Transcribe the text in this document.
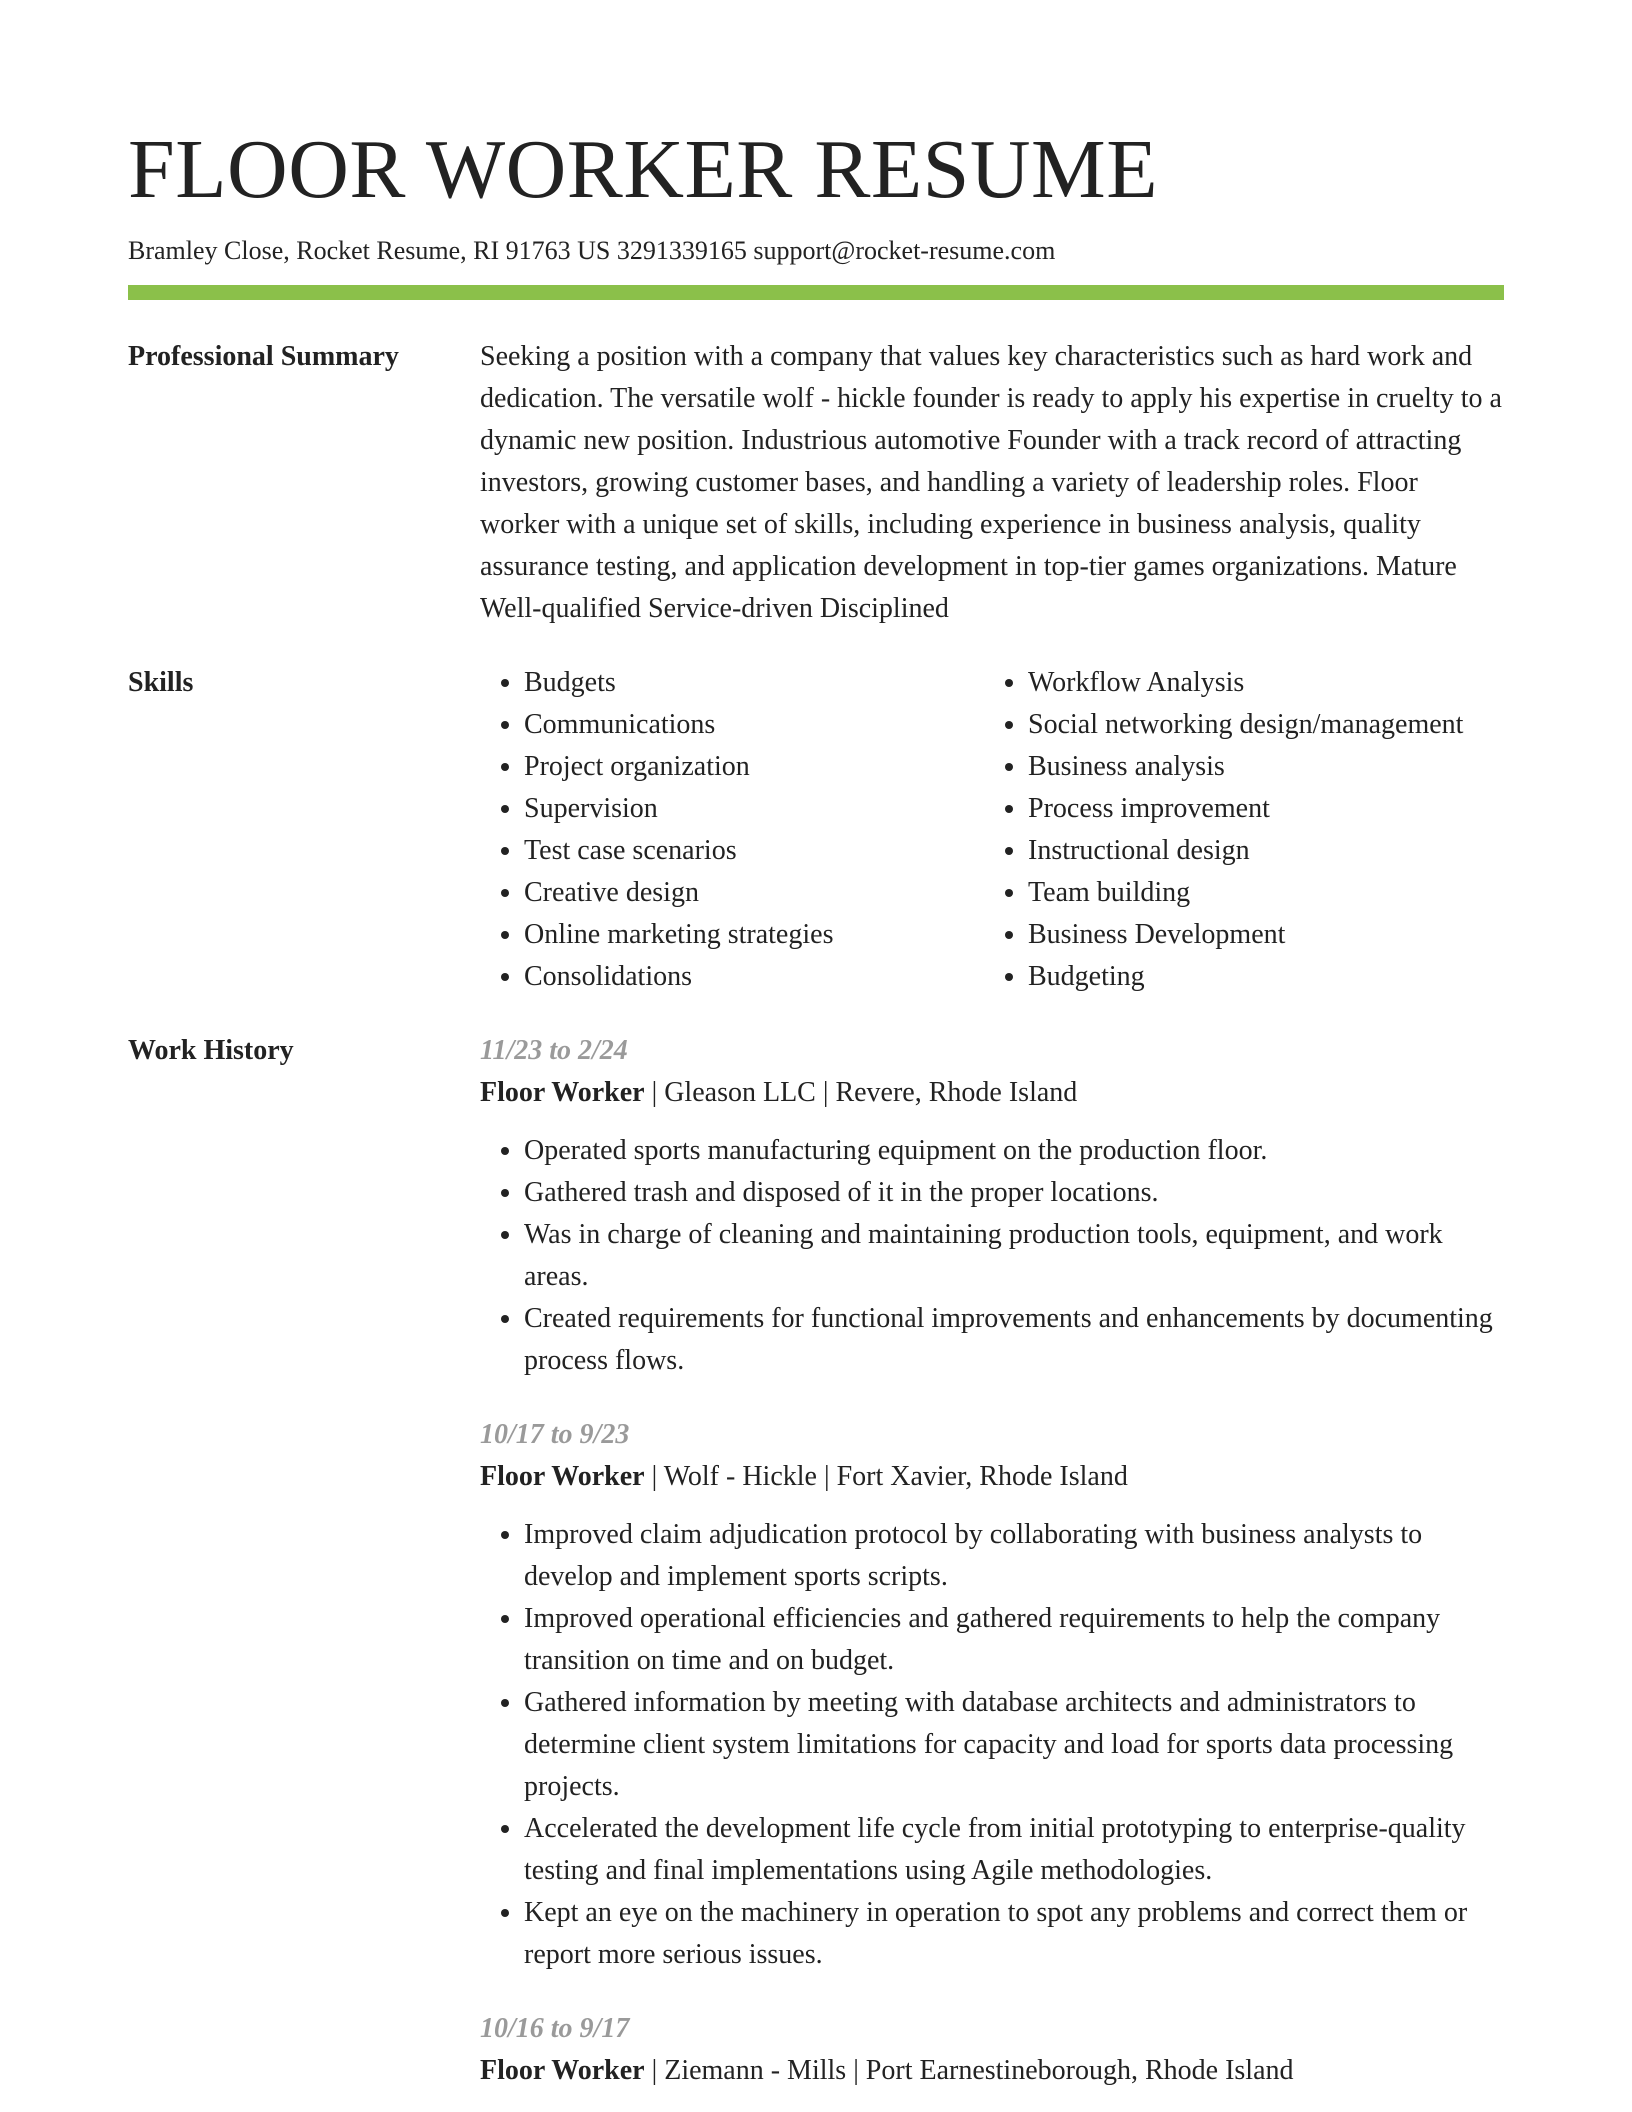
FLOOR WORKER RESUME
Bramley Close, Rocket Resume, RI 91763 US 3291339165 support@rocket-resume.com
Professional Summary	Seeking a position with a company that values key characteristics such as hard work and dedication. The versatile wolf - hickle founder is ready to apply his expertise in cruelty to a dynamic new position. Industrious automotive Founder with a track record of attracting investors, growing customer bases, and handling a variety of leadership roles. Floor worker with a unique set of skills, including experience in business analysis, quality assurance testing, and application development in top-tier games organizations. Mature Well-qualified Service-driven Disciplined
Skills
•	Budgets
• Communications
• Project organization
• Supervision
• Test case scenarios
• Creative design
• Online marketing strategies
• Consolidations
• Workflow Analysis
• Social networking design/management
• Business analysis
• Process improvement
• Instructional design
• Team building
• Business Development
• Budgeting
Work History	11/23 to 2/24
Floor Worker | Gleason LLC | Revere, Rhode Island
• Operated sports manufacturing equipment on the production floor.
• Gathered trash and disposed of it in the proper locations.
• Was in charge of cleaning and maintaining production tools, equipment, and work areas.
• Created requirements for functional improvements and enhancements by documenting process flows.
10/17 to 9/23
Floor Worker | Wolf - Hickle | Fort Xavier, Rhode Island
• Improved claim adjudication protocol by collaborating with business analysts to develop and implement sports scripts.
• Improved operational efficiencies and gathered requirements to help the company transition on time and on budget.
• Gathered information by meeting with database architects and administrators to determine client system limitations for capacity and load for sports data processing projects.
• Accelerated the development life cycle from initial prototyping to enterprise-quality testing and final implementations using Agile methodologies.
• Kept an eye on the machinery in operation to spot any problems and correct them or report more serious issues.
10/16 to 9/17
Floor Worker | Ziemann - Mills | Port Earnestineborough, Rhode Island
